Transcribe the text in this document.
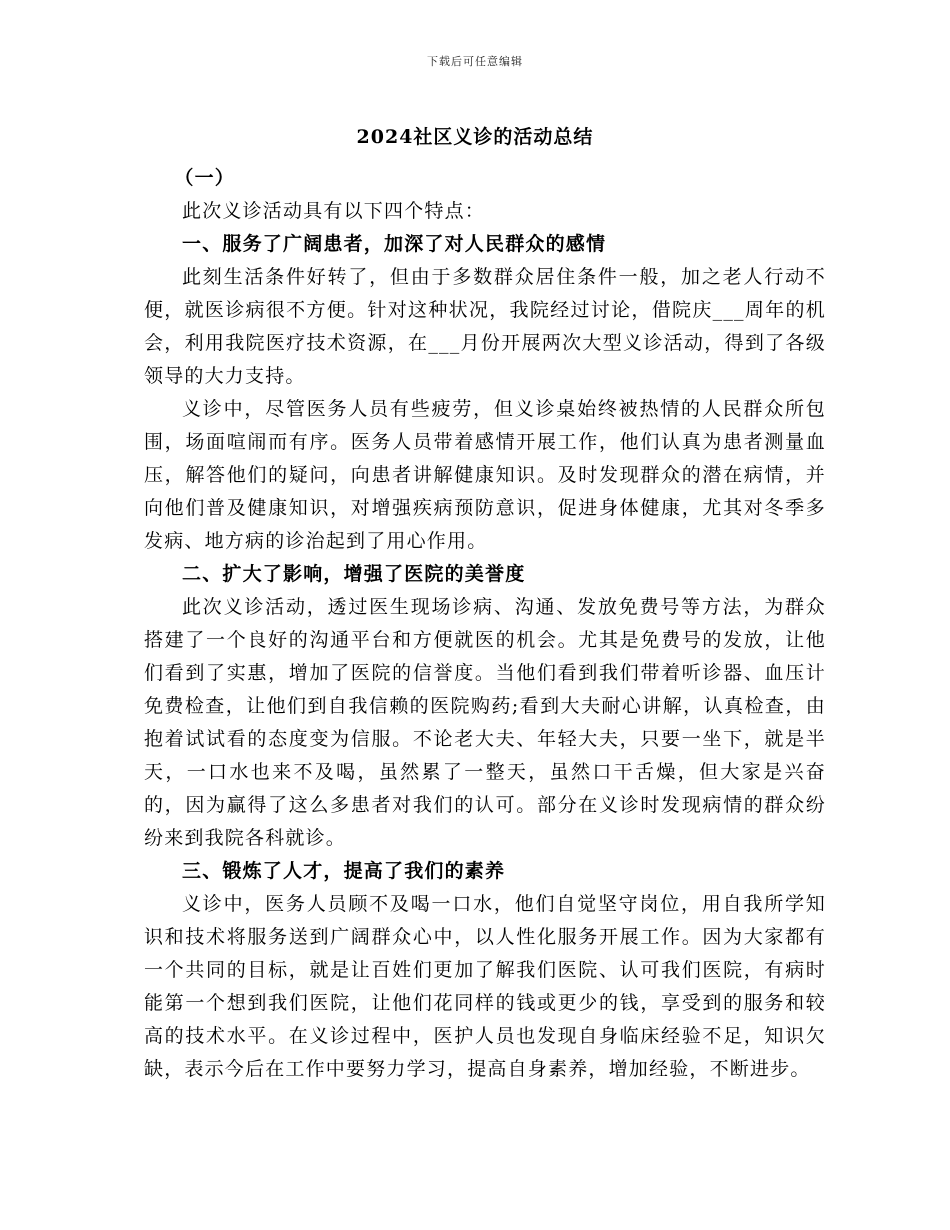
下载后可任意编辑
2024社区义诊的活动总结

（一）

此次义诊活动具有以下四个特点：

一、服务了广阔患者，加深了对人民群众的感情

此刻生活条件好转了，但由于多数群众居住条件一般，加之老人行动不便，就医诊病很不方便。针对这种状况，我院经过讨论，借院庆___周年的机会，利用我院医疗技术资源，在___月份开展两次大型义诊活动，得到了各级领导的大力支持。

义诊中，尽管医务人员有些疲劳，但义诊桌始终被热情的人民群众所包围，场面喧闹而有序。医务人员带着感情开展工作，他们认真为患者测量血压，解答他们的疑问，向患者讲解健康知识。及时发现群众的潜在病情，并向他们普及健康知识，对增强疾病预防意识，促进身体健康，尤其对冬季多发病、地方病的诊治起到了用心作用。

二、扩大了影响，增强了医院的美誉度

此次义诊活动，透过医生现场诊病、沟通、发放免费号等方法，为群众搭建了一个良好的沟通平台和方便就医的机会。尤其是免费号的发放，让他们看到了实惠，增加了医院的信誉度。当他们看到我们带着听诊器、血压计免费检查，让他们到自我信赖的医院购药;看到大夫耐心讲解，认真检查，由抱着试试看的态度变为信服。不论老大夫、年轻大夫，只要一坐下，就是半天，一口水也来不及喝，虽然累了一整天，虽然口干舌燥，但大家是兴奋的，因为赢得了这么多患者对我们的认可。部分在义诊时发现病情的群众纷纷来到我院各科就诊。

三、锻炼了人才，提高了我们的素养

义诊中，医务人员顾不及喝一口水，他们自觉坚守岗位，用自我所学知识和技术将服务送到广阔群众心中，以人性化服务开展工作。因为大家都有一个共同的目标，就是让百姓们更加了解我们医院、认可我们医院，有病时能第一个想到我们医院，让他们花同样的钱或更少的钱，享受到的服务和较高的技术水平。在义诊过程中，医护人员也发现自身临床经验不足，知识欠缺，表示今后在工作中要努力学习，提高自身素养，增加经验，不断进步。
